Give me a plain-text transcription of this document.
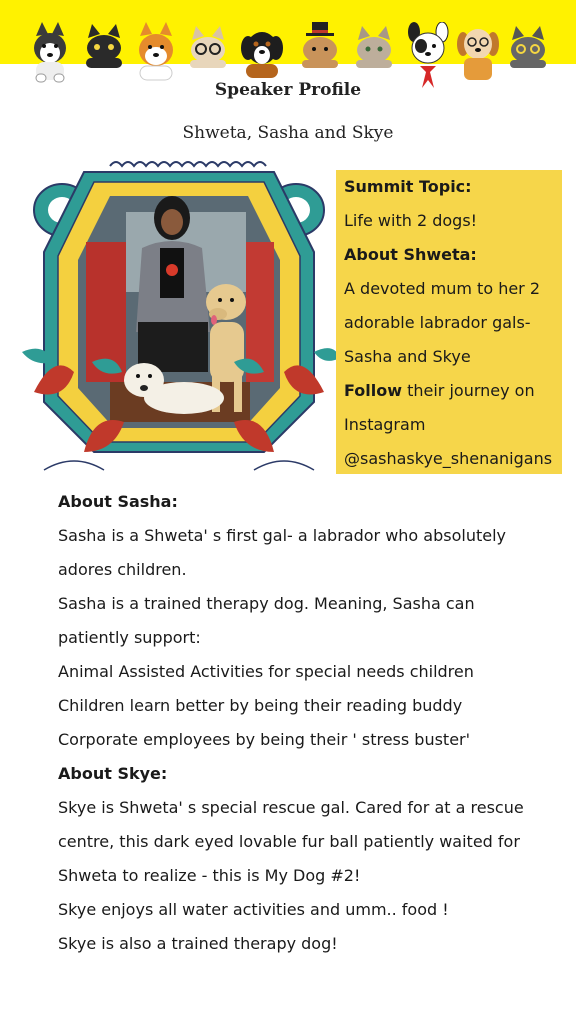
Speaker Profile
Shweta, Sasha and Skye
Summit Topic:
Life with 2 dogs!
About Shweta:
A devoted mum to her 2
adorable labrador gals-
Sasha and Skye
Follow their journey on
Instagram
@sashaskye_shenanigans
About Sasha:
Sasha is a Shweta' s first gal- a labrador who absolutely
adores children.
Sasha is a trained therapy dog. Meaning, Sasha can
patiently support:
Animal Assisted Activities for special needs children
Children learn better by being their reading buddy
Corporate employees by being their ' stress buster'
About Skye:
Skye is Shweta' s special rescue gal. Cared for at a rescue
centre, this dark eyed lovable fur ball patiently waited for
Shweta to realize - this is My Dog #2!
Skye enjoys all water activities and umm.. food !
Skye is also a trained therapy dog!
